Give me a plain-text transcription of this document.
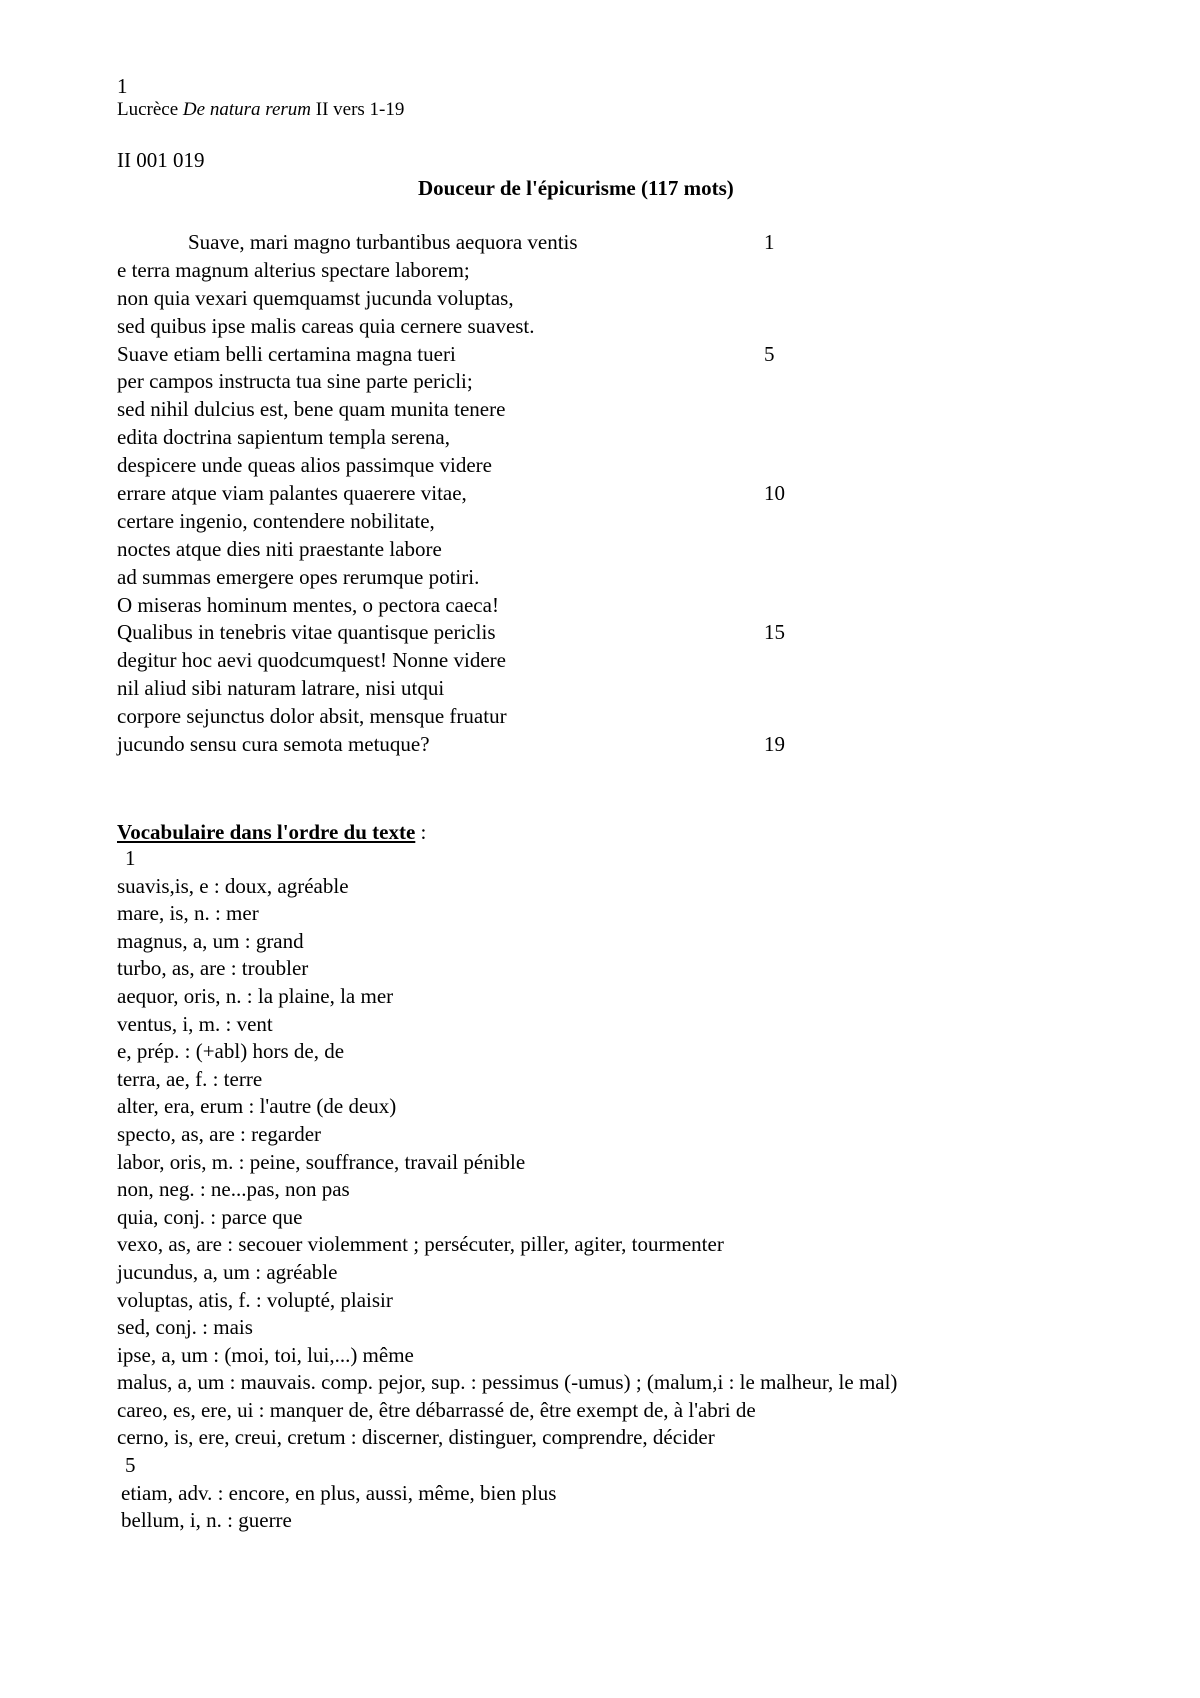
1
Lucrèce De natura rerum II vers 1-19
II 001 019
Douceur de l'épicurisme (117 mots)
Suave, mari magno turbantibus aequora ventis	1
e terra magnum alterius spectare laborem;
non quia vexari quemquamst jucunda voluptas,
sed quibus ipse malis careas quia cernere suavest.
Suave etiam belli certamina magna tueri	5
per campos instructa tua sine parte pericli;
sed nihil dulcius est, bene quam munita tenere
edita doctrina sapientum templa serena,
despicere unde queas alios passimque videre
errare atque viam palantes quaerere vitae,	10
certare ingenio, contendere nobilitate,
noctes atque dies niti praestante labore
ad summas emergere opes rerumque potiri.
O miseras hominum mentes, o pectora caeca!
Qualibus in tenebris vitae quantisque periclis	15
degitur hoc aevi quodcumquest! Nonne videre
nil aliud sibi naturam latrare, nisi utqui
corpore sejunctus dolor absit, mensque fruatur
jucundo sensu cura semota metuque?	19
Vocabulaire dans l'ordre du texte :
1
suavis,is, e : doux, agréable
mare, is, n. : mer
magnus, a, um : grand
turbo, as, are : troubler
aequor, oris, n. : la plaine, la mer
ventus, i, m. : vent
e, prép. : (+abl) hors de, de
terra, ae, f. : terre
alter, era, erum : l'autre (de deux)
specto, as, are : regarder
labor, oris, m. : peine, souffrance, travail pénible
non, neg. : ne...pas, non pas
quia, conj. : parce que
vexo, as, are : secouer violemment ; persécuter, piller, agiter, tourmenter
jucundus, a, um : agréable
voluptas, atis, f. : volupté, plaisir
sed, conj. : mais
ipse, a, um : (moi, toi, lui,...) même
malus, a, um : mauvais. comp. pejor, sup. : pessimus (-umus) ; (malum,i : le malheur, le mal)
careo, es, ere, ui : manquer de, être débarrassé de, être exempt de, à l'abri de
cerno, is, ere, creui, cretum : discerner, distinguer, comprendre, décider
5
etiam, adv. : encore, en plus, aussi, même, bien plus
bellum, i, n. : guerre
